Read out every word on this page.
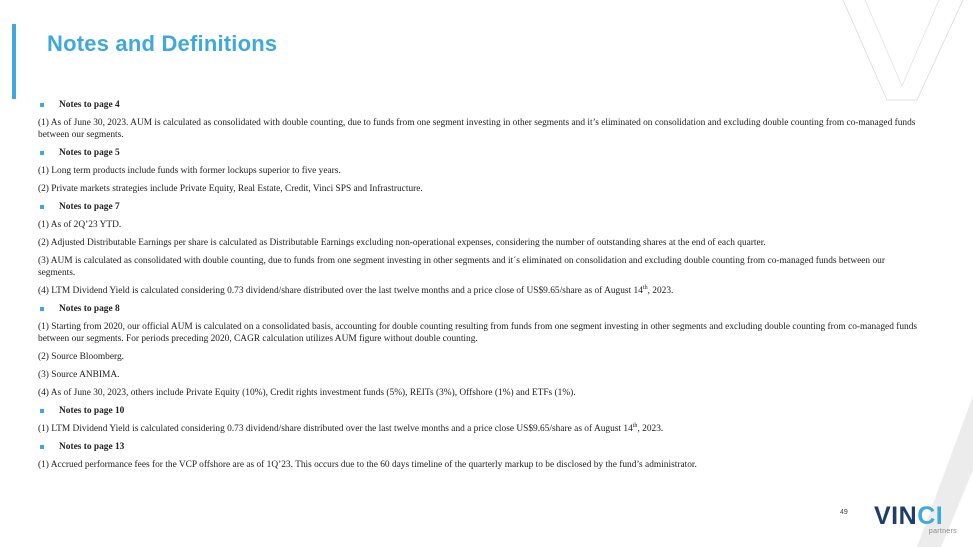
Notes and Definitions
Notes to page 4
(1) As of June 30, 2023. AUM is calculated as consolidated with double counting, due to funds from one segment investing in other segments and it’s eliminated on consolidation and excluding double counting from co-managed funds between our segments.
Notes to page 5
(1) Long term products include funds with former lockups superior to five years.
(2) Private markets strategies include Private Equity, Real Estate, Credit, Vinci SPS and Infrastructure.
Notes to page 7
(1) As of 2Q’23 YTD.
(2) Adjusted Distributable Earnings per share is calculated as Distributable Earnings excluding non-operational expenses, considering the number of outstanding shares at the end of each quarter.
(3) AUM is calculated as consolidated with double counting, due to funds from one segment investing in other segments and it´s eliminated on consolidation and excluding double counting from co-managed funds between our segments.
(4) LTM Dividend Yield is calculated considering 0.73 dividend/share distributed over the last twelve months and a price close of US$9.65/share as of August 14th, 2023.
Notes to page 8
(1) Starting from 2020, our official AUM is calculated on a consolidated basis, accounting for double counting resulting from funds from one segment investing in other segments and excluding double counting from co-managed funds between our segments. For periods preceding 2020, CAGR calculation utilizes AUM figure without double counting.
(2) Source Bloomberg.
(3) Source ANBIMA.
(4) As of June 30, 2023, others include Private Equity (10%), Credit rights investment funds (5%), REITs (3%), Offshore (1%) and ETFs (1%).
Notes to page 10
(1) LTM Dividend Yield is calculated considering 0.73 dividend/share distributed over the last twelve months and a price close US$9.65/share as of August 14th, 2023.
Notes to page 13
(1) Accrued performance fees for the VCP offshore are as of 1Q’23. This occurs due to the 60 days timeline of the quarterly markup to be disclosed by the fund’s administrator.
49 VINCI
partners
